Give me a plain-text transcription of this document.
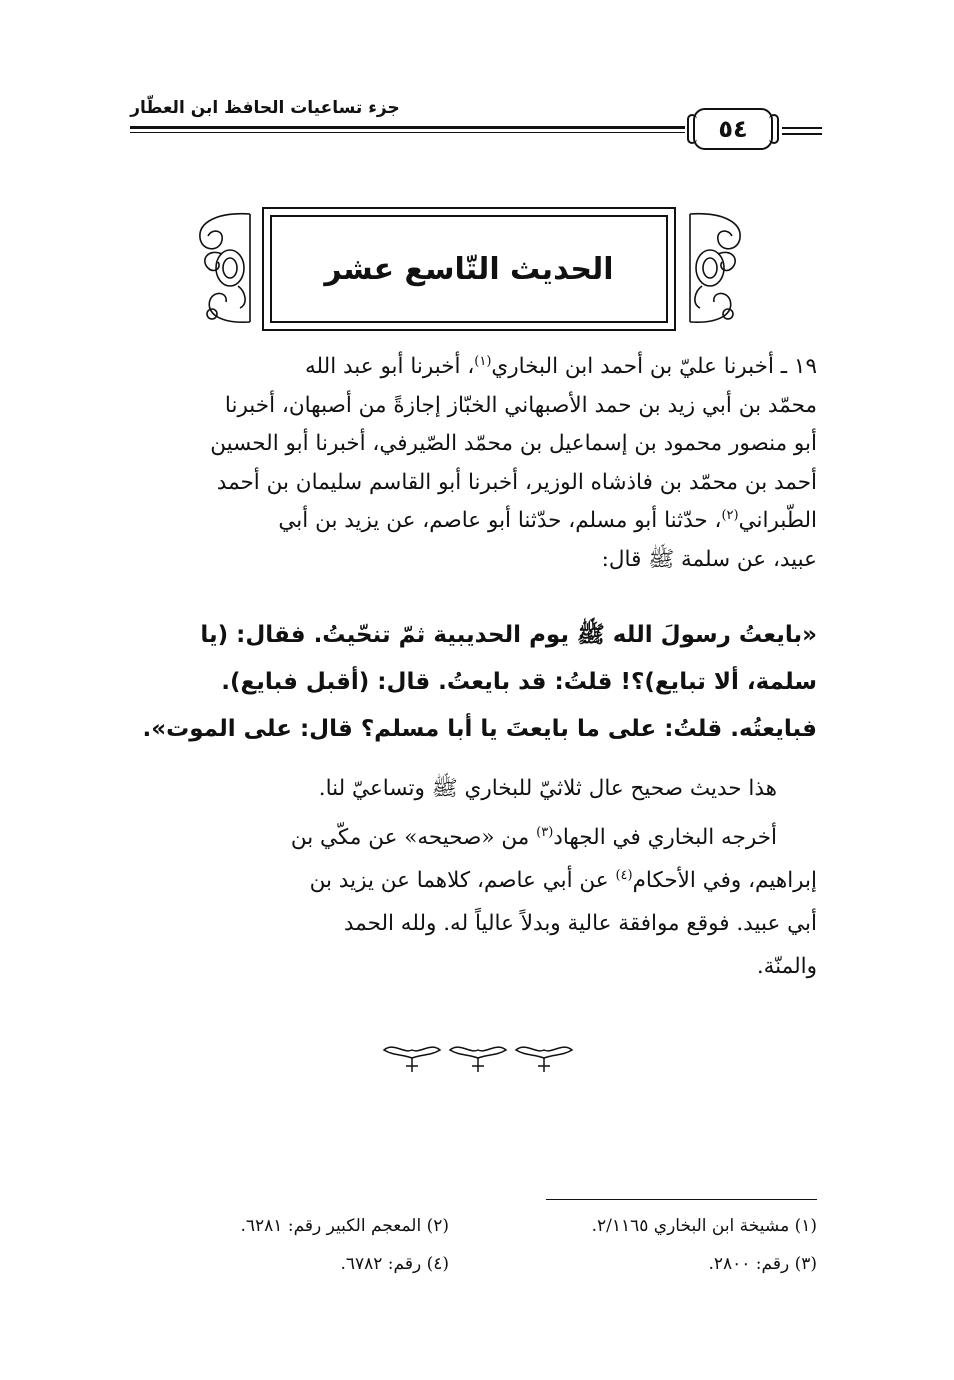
جزء تساعيات الحافظ ابن العطّار
٥٤
الحديث التّاسع عشر
١٩ ـ أخبرنا عليّ بن أحمد ابن البخاري$^{(١)}$، أخبرنا أبو عبد الله
محمّد بن أبي زيد بن حمد الأصبهاني الخبّاز إجازةً من أصبهان، أخبرنا
أبو منصور محمود بن إسماعيل بن محمّد الصّيرفي، أخبرنا أبو الحسين
أحمد بن محمّد بن فاذشاه الوزير، أخبرنا أبو القاسم سليمان بن أحمد
الطّبراني$^{(٢)}$، حدّثنا أبو مسلم، حدّثنا أبو عاصم، عن يزيد بن أبي
عبيد، عن سلمة ﷺ قال:
«بايعتُ رسولَ الله ﷺ يوم الحديبية ثمّ تنحّيتُ. فقال: (يا
سلمة، ألا تبايع)؟! قلتُ: قد بايعتُ. قال: (أقبل فبايع).
فبايعتُه. قلتُ: على ما بايعتَ يا أبا مسلم؟ قال: على الموت».
هذا حديث صحيح عال ثلاثيّ للبخاري ﷺ وتساعيّ لنا.
أخرجه البخاري في الجهاد$^{(٣)}$ من «صحيحه» عن مكّي بن
إبراهيم، وفي الأحكام$^{(٤)}$ عن أبي عاصم، كلاهما عن يزيد بن
أبي عبيد. فوقع موافقة عالية وبدلاً عالياً له. ولله الحمد
والمنّة.
(١) مشيخة ابن البخاري ٢/١١٦٥.
(٢) المعجم الكبير رقم: ٦٢٨١.
(٣) رقم: ٢٨٠٠.
(٤) رقم: ٦٧٨٢.
